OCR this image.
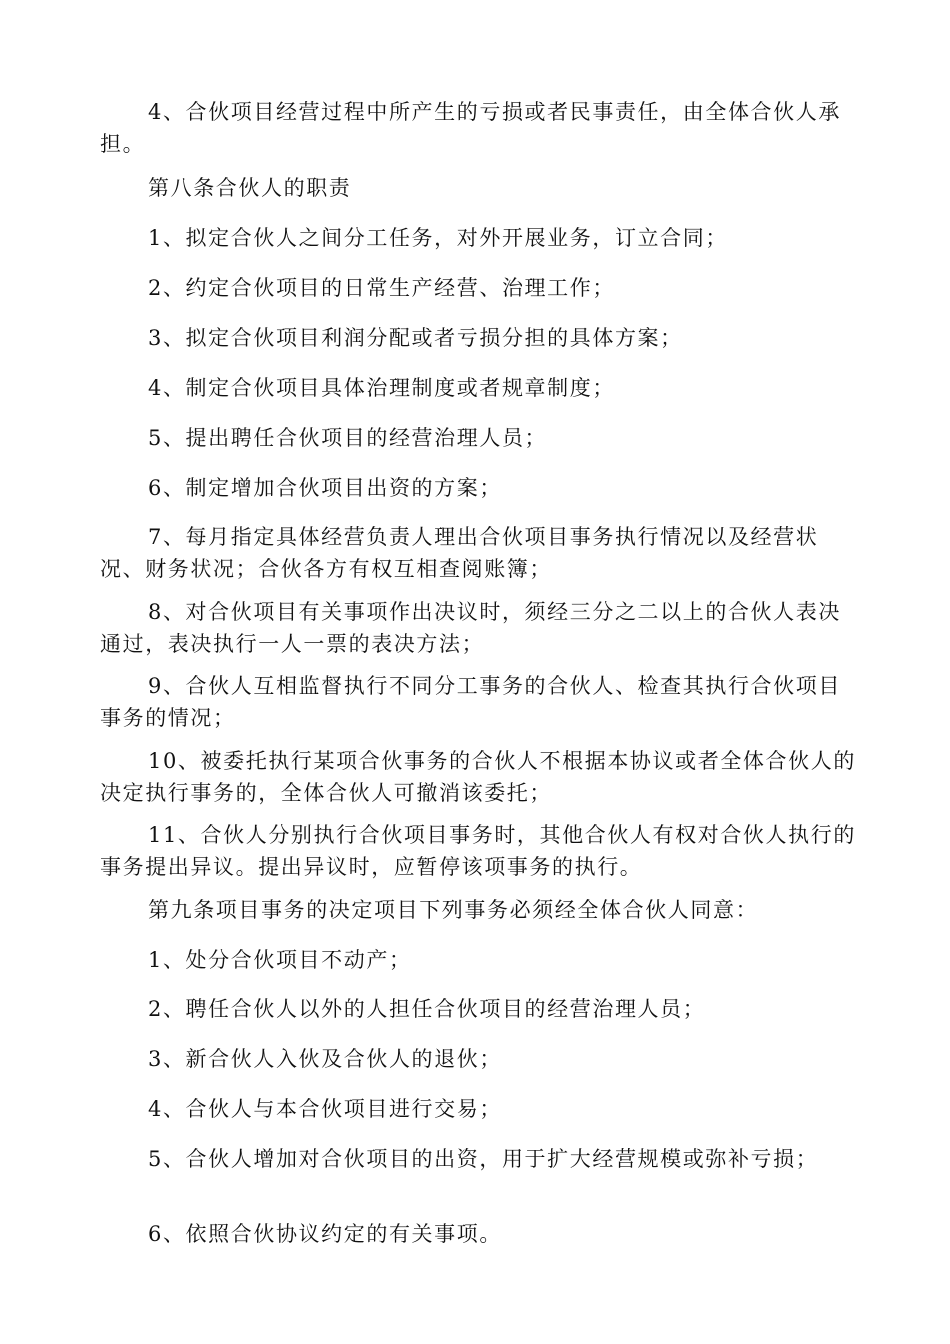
4、合伙项目经营过程中所产生的亏损或者民事责任，由全体合伙人承担。

第八条合伙人的职责

1、拟定合伙人之间分工任务，对外开展业务，订立合同；

2、约定合伙项目的日常生产经营、治理工作；

3、拟定合伙项目利润分配或者亏损分担的具体方案；

4、制定合伙项目具体治理制度或者规章制度；

5、提出聘任合伙项目的经营治理人员；

6、制定增加合伙项目出资的方案；

7、每月指定具体经营负责人理出合伙项目事务执行情况以及经营状况、财务状况；合伙各方有权互相查阅账簿；

8、对合伙项目有关事项作出决议时，须经三分之二以上的合伙人表决通过，表决执行一人一票的表决方法；

9、合伙人互相监督执行不同分工事务的合伙人、检查其执行合伙项目事务的情况；

10、被委托执行某项合伙事务的合伙人不根据本协议或者全体合伙人的决定执行事务的，全体合伙人可撤消该委托；

11、合伙人分别执行合伙项目事务时，其他合伙人有权对合伙人执行的事务提出异议。提出异议时，应暂停该项事务的执行。

第九条项目事务的决定项目下列事务必须经全体合伙人同意：

1、处分合伙项目不动产；

2、聘任合伙人以外的人担任合伙项目的经营治理人员；

3、新合伙人入伙及合伙人的退伙；

4、合伙人与本合伙项目进行交易；

5、合伙人增加对合伙项目的出资，用于扩大经营规模或弥补亏损；

6、依照合伙协议约定的有关事项。
